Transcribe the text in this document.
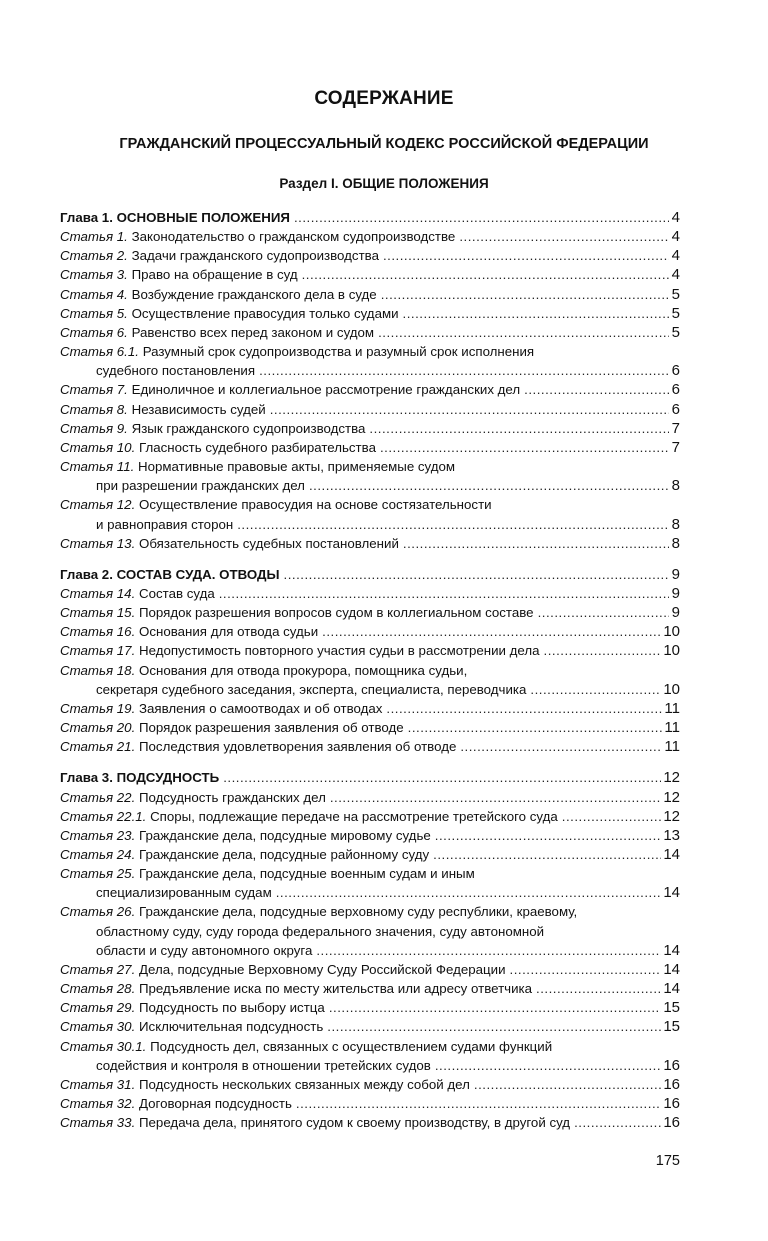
СОДЕРЖАНИЕ
ГРАЖДАНСКИЙ ПРОЦЕССУАЛЬНЫЙ КОДЕКС РОССИЙСКОЙ ФЕДЕРАЦИИ
Раздел I. ОБЩИЕ ПОЛОЖЕНИЯ
Глава 1. ОСНОВНЫЕ ПОЛОЖЕНИЯ . . .	4
Статья 1. Законодательство о гражданском судопроизводстве . . .	4
Статья 2. Задачи гражданского судопроизводства . . .	4
Статья 3. Право на обращение в суд . . .	4
Статья 4. Возбуждение гражданского дела в суде . . .	5
Статья 5. Осуществление правосудия только судами . . .	5
Статья 6. Равенство всех перед законом и судом . . .	5
Статья 6.1. Разумный срок судопроизводства и разумный срок исполнения
судебного постановления . . .	6
Статья 7. Единоличное и коллегиальное рассмотрение гражданских дел . . .	6
Статья 8. Независимость судей . . .	6
Статья 9. Язык гражданского судопроизводства . . .	7
Статья 10. Гласность судебного разбирательства . . .	7
Статья 11. Нормативные правовые акты, применяемые судом
при разрешении гражданских дел . . .	8
Статья 12. Осуществление правосудия на основе состязательности
и равноправия сторон . . .	8
Статья 13. Обязательность судебных постановлений . . .	8
Глава 2. СОСТАВ СУДА. ОТВОДЫ . . .	9
Статья 14. Состав суда . . .	9
Статья 15. Порядок разрешения вопросов судом в коллегиальном составе . . .	9
Статья 16. Основания для отвода судьи . . .	10
Статья 17. Недопустимость повторного участия судьи в рассмотрении дела . . .	10
Статья 18. Основания для отвода прокурора, помощника судьи,
секретаря судебного заседания, эксперта, специалиста, переводчика . . .	10
Статья 19. Заявления о самоотводах и об отводах . . .	11
Статья 20. Порядок разрешения заявления об отводе . . .	11
Статья 21. Последствия удовлетворения заявления об отводе . . .	11
Глава 3. ПОДСУДНОСТЬ . . .	12
Статья 22. Подсудность гражданских дел . . .	12
Статья 22.1. Споры, подлежащие передаче на рассмотрение третейского суда . . .	12
Статья 23. Гражданские дела, подсудные мировому судье . . .	13
Статья 24. Гражданские дела, подсудные районному суду . . .	14
Статья 25. Гражданские дела, подсудные военным судам и иным
специализированным судам . . .	14
Статья 26. Гражданские дела, подсудные верховному суду республики, краевому,
областному суду, суду города федерального значения, суду автономной
области и суду автономного округа . . .	14
Статья 27. Дела, подсудные Верховному Суду Российской Федерации . . .	14
Статья 28. Предъявление иска по месту жительства или адресу ответчика . . .	14
Статья 29. Подсудность по выбору истца . . .	15
Статья 30. Исключительная подсудность . . .	15
Статья 30.1. Подсудность дел, связанных с осуществлением судами функций
содействия и контроля в отношении третейских судов . . .	16
Статья 31. Подсудность нескольких связанных между собой дел . . .	16
Статья 32. Договорная подсудность . . .	16
Статья 33. Передача дела, принятого судом к своему производству, в другой суд . . .	16
175
